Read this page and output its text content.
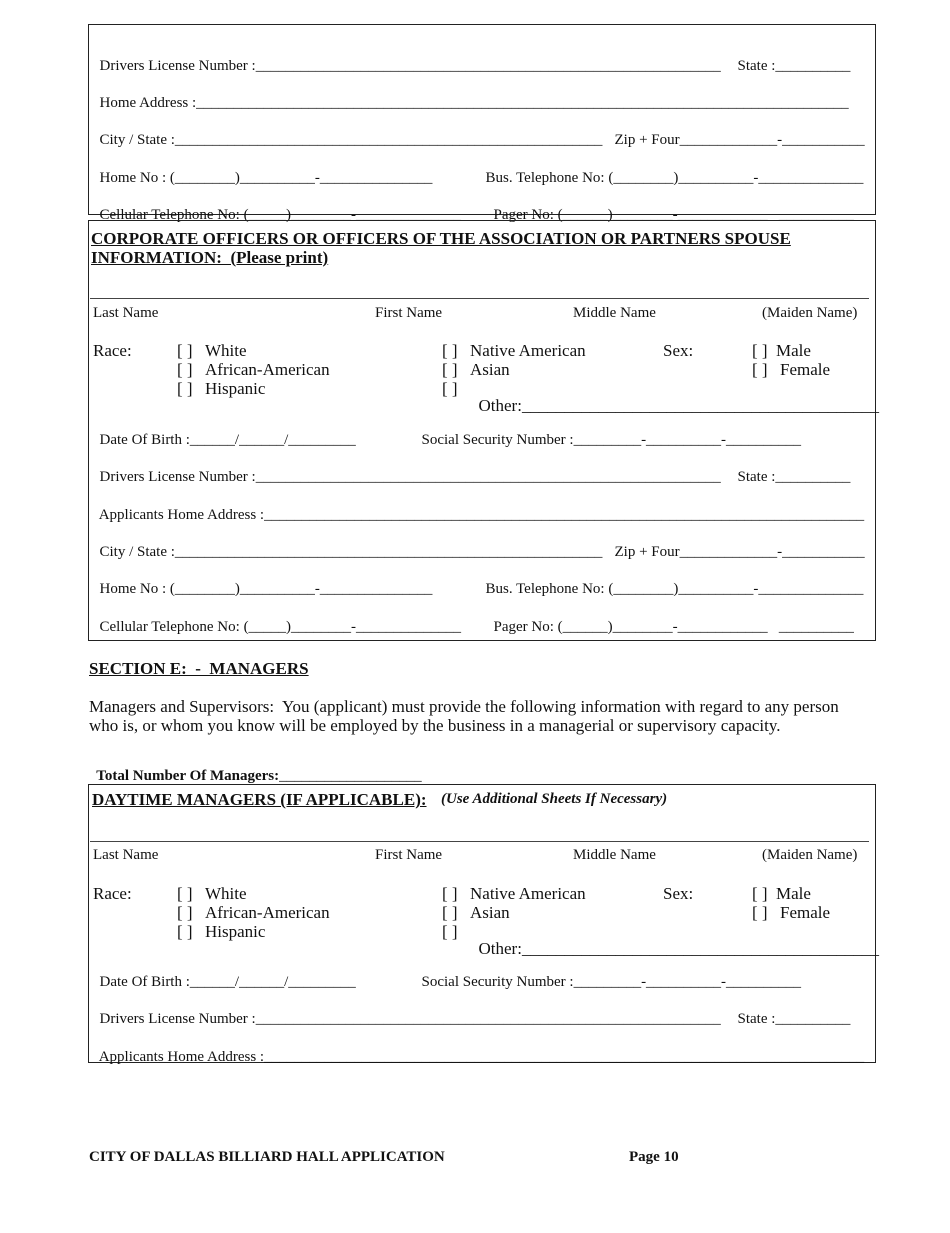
Drivers License Number :______________________________________________________________	State :__________

Home Address :_______________________________________________________________________________________

City / State :_________________________________________________________ Zip + Four_____________-___________

Home No : (________)__________-_______________	Bus. Telephone No: (________)__________-______________

Cellular Telephone No: (_____)________-______________	Pager No: (______)________-____________ __________

CORPORATE OFFICERS OR OFFICERS OF THE ASSOCIATION OR PARTNERS SPOUSE
INFORMATION:  (Please print)
Last Name	First Name	Middle Name	(Maiden Name)
Race:	[ ] White
[ ] African-American
[ ] Hispanic
[ ] Native American
[ ] Asian
[ ]

Other:__________________________________________

Sex:	[ ] Male
[ ] Female

Date Of Birth :______/______/_________	Social Security Number :_________-__________-__________

Drivers License Number :______________________________________________________________	State :__________

Applicants Home Address :________________________________________________________________________________

City / State :_________________________________________________________ Zip + Four_____________-___________

Home No : (________)__________-_______________	Bus. Telephone No: (________)__________-______________

Cellular Telephone No: (_____)________-______________	Pager No: (______)________-____________ __________

SECTION E:  -  MANAGERS
Managers and Supervisors:  You (applicant) must provide the following information with regard to any person
who is, or whom you know will be employed by the business in a managerial or supervisory capacity.

Total Number Of Managers:___________________

DAYTIME MANAGERS (IF APPLICABLE): (Use Additional Sheets If Necessary)
Last Name	First Name	Middle Name	(Maiden Name)
Race:	[ ] White
[ ] African-American
[ ] Hispanic
[ ] Native American
[ ] Asian
[ ]

Other:__________________________________________

Sex:	[ ] Male
[ ] Female

Date Of Birth :______/______/_________	Social Security Number :_________-__________-__________

Drivers License Number :______________________________________________________________	State :__________

Applicants Home Address :________________________________________________________________________________

CITY OF DALLAS BILLIARD HALL APPLICATION	Page 10
